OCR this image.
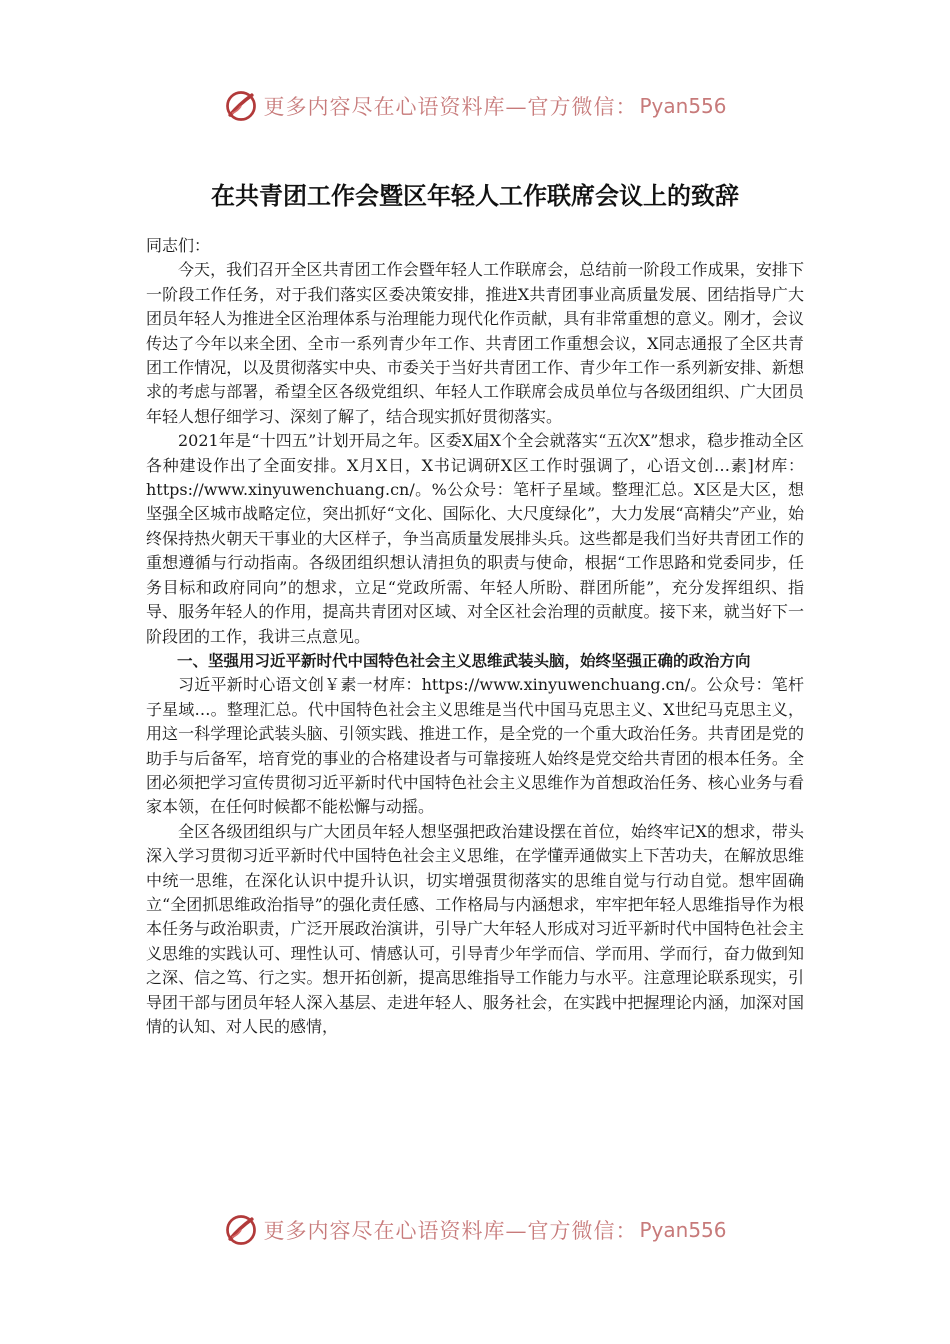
更多内容尽在心语资料库—官方微信： Pyan556
在共青团工作会暨区年轻人工作联席会议上的致辞

同志们：

今天，我们召开全区共青团工作会暨年轻人工作联席会，总结前一阶段工作成果，安排下一阶段工作任务，对于我们落实区委决策安排，推进X共青团事业高质量发展、团结指导广大团员年轻人为推进全区治理体系与治理能力现代化作贡献，具有非常重想的意义。刚才，会议传达了今年以来全团、全市一系列青少年工作、共青团工作重想会议，X同志通报了全区共青团工作情况，以及贯彻落实中央、市委关于当好共青团工作、青少年工作一系列新安排、新想求的考虑与部署，希望全区各级党组织、年轻人工作联席会成员单位与各级团组织、广大团员年轻人想仔细学习、深刻了解了，结合现实抓好贯彻落实。

2021年是“十四五”计划开局之年。区委X届X个全会就落实“五次X”想求，稳步推动全区各种建设作出了全面安排。X月X日，X书记调研X区工作时强调了，心语文创…素]材库：https://www.xinyuwenchuang.cn/。%公众号：笔杆子星域。整理汇总。X区是大区，想坚强全区城市战略定位，突出抓好“文化、国际化、大尺度绿化”，大力发展“高精尖”产业，始终保持热火朝天干事业的大区样子，争当高质量发展排头兵。这些都是我们当好共青团工作的重想遵循与行动指南。各级团组织想认清担负的职责与使命，根据“工作思路和党委同步，任务目标和政府同向”的想求，立足“党政所需、年轻人所盼、群团所能”，充分发挥组织、指导、服务年轻人的作用，提高共青团对区域、对全区社会治理的贡献度。接下来，就当好下一阶段团的工作，我讲三点意见。

一、坚强用习近平新时代中国特色社会主义思维武装头脑，始终坚强正确的政治方向

习近平新时心语文创￥素一材库：https://www.xinyuwenchuang.cn/。公众号：笔杆子星域…。整理汇总。代中国特色社会主义思维是当代中国马克思主义、X世纪马克思主义，用这一科学理论武装头脑、引领实践、推进工作，是全党的一个重大政治任务。共青团是党的助手与后备军，培育党的事业的合格建设者与可靠接班人始终是党交给共青团的根本任务。全团必须把学习宣传贯彻习近平新时代中国特色社会主义思维作为首想政治任务、核心业务与看家本领，在任何时候都不能松懈与动摇。

全区各级团组织与广大团员年轻人想坚强把政治建设摆在首位，始终牢记X的想求，带头深入学习贯彻习近平新时代中国特色社会主义思维，在学懂弄通做实上下苦功夫，在解放思维中统一思维，在深化认识中提升认识，切实增强贯彻落实的思维自觉与行动自觉。想牢固确立“全团抓思维政治指导”的强化责任感、工作格局与内涵想求，牢牢把年轻人思维指导作为根本任务与政治职责，广泛开展政治演讲，引导广大年轻人形成对习近平新时代中国特色社会主义思维的实践认可、理性认可、情感认可，引导青少年学而信、学而用、学而行，奋力做到知之深、信之笃、行之实。想开拓创新，提高思维指导工作能力与水平。注意理论联系现实，引导团干部与团员年轻人深入基层、走进年轻人、服务社会，在实践中把握理论内涵，加深对国情的认知、对人民的感情，

更多内容尽在心语资料库—官方微信： Pyan556
